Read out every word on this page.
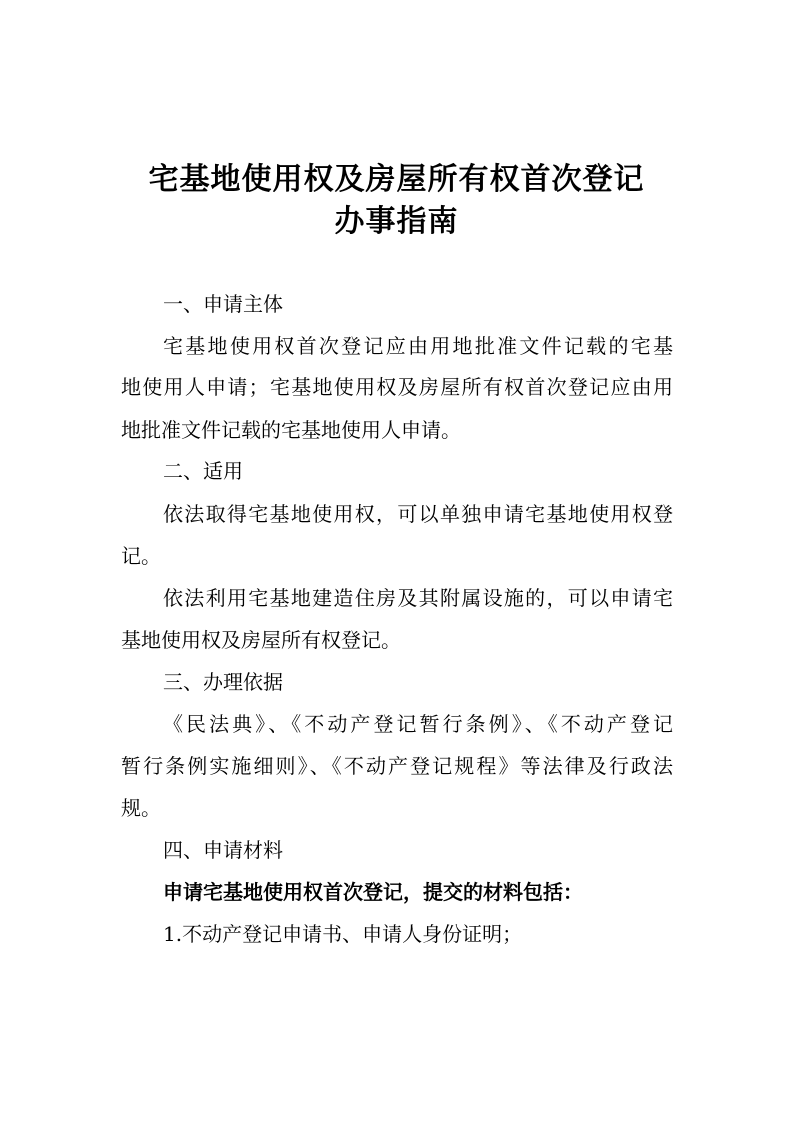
宅基地使用权及房屋所有权首次登记
办事指南

一、申请主体

宅基地使用权首次登记应由用地批准文件记载的宅基

地使用人申请；宅基地使用权及房屋所有权首次登记应由用

地批准文件记载的宅基地使用人申请。

二、适用

依法取得宅基地使用权，可以单独申请宅基地使用权登

记。

依法利用宅基地建造住房及其附属设施的，可以申请宅

基地使用权及房屋所有权登记。

三、办理依据

《民法典》、《不动产登记暂行条例》、《不动产登记

暂行条例实施细则》、《不动产登记规程》等法律及行政法

规。

四、申请材料

申请宅基地使用权首次登记，提交的材料包括：

1.不动产登记申请书、申请人身份证明；
